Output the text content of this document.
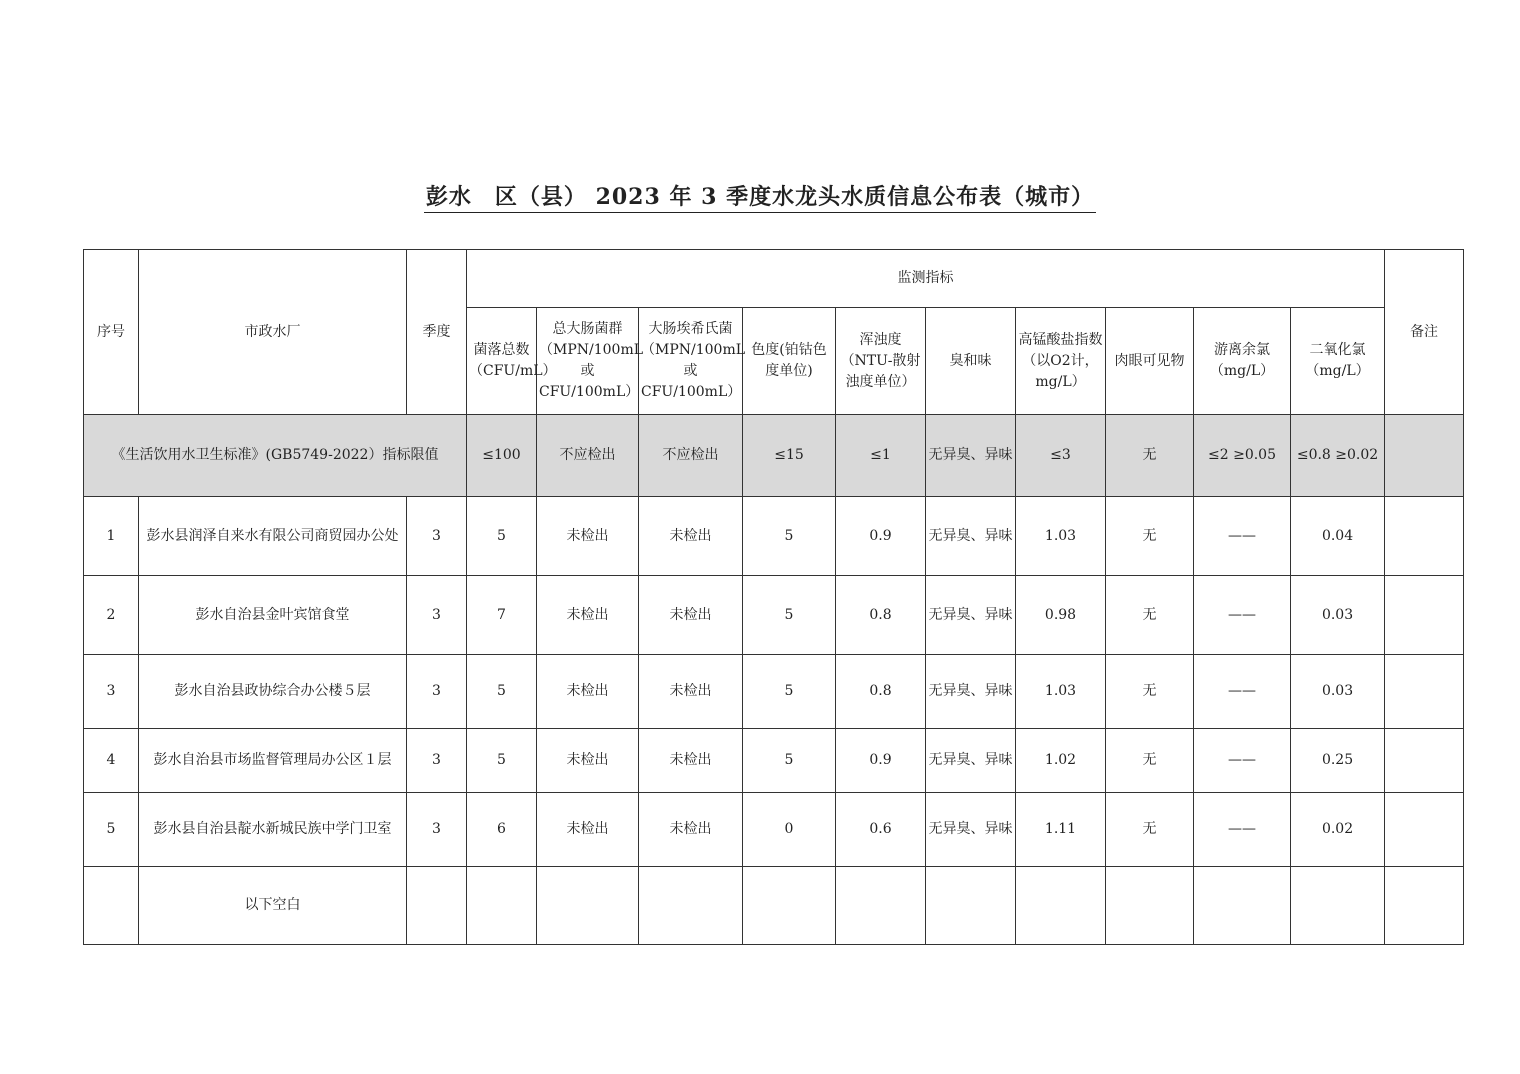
彭水　区（县） 2023 年 3 季度水龙头水质信息公布表（城市）
序号	市政水厂	季度	监测指标										备注
			菌落总数（CFU/mL）	总大肠菌群（MPN/100mL或CFU/100mL）	大肠埃希氏菌（MPN/100mL或CFU/100mL）	色度(铂钴色度单位)	浑浊度（NTU-散射浊度单位）	臭和味	高锰酸盐指数（以O2计，mg/L）	肉眼可见物	游离余氯（mg/L）	二氧化氯（mg/L）	
《生活饮用水卫生标准》(GB5749-2022）指标限值			≤100	不应检出	不应检出	≤15	≤1	无异臭、异味	≤3	无	≤2 ≥0.05	≤0.8 ≥0.02	
1	彭水县润泽自来水有限公司商贸园办公处	3	5	未检出	未检出	5	0.9	无异臭、异味	1.03	无	——	0.04	
2	彭水自治县金叶宾馆食堂	3	7	未检出	未检出	5	0.8	无异臭、异味	0.98	无	——	0.03	
3	彭水自治县政协综合办公楼５层	3	5	未检出	未检出	5	0.8	无异臭、异味	1.03	无	——	0.03	
4	彭水自治县市场监督管理局办公区１层	3	5	未检出	未检出	5	0.9	无异臭、异味	1.02	无	——	0.25	
5	彭水县自治县靛水新城民族中学门卫室	3	6	未检出	未检出	0	0.6	无异臭、异味	1.11	无	——	0.02	
	以下空白												
